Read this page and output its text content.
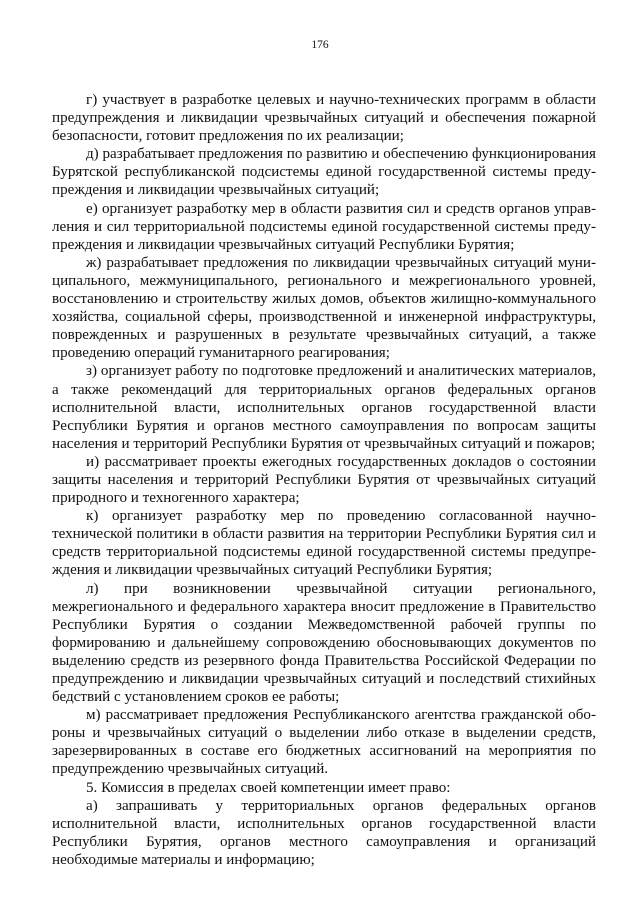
176

г) участвует в разработке целевых и научно-технических программ в области предупреждения и ликвидации чрезвычайных ситуаций и обеспечения пожарной безопасности, готовит предложения по их реализации;

д) разрабатывает предложения по развитию и обеспечению функционирования Бурятской республиканской подсистемы единой государственной системы предупреждения и ликвидации чрезвычайных ситуаций;

е) организует разработку мер в области развития сил и средств органов управления и сил территориальной подсистемы единой государственной системы предупреждения и ликвидации чрезвычайных ситуаций Республики Бурятия;

ж) разрабатывает предложения по ликвидации чрезвычайных ситуаций муниципального, межмуниципального, регионального и межрегионального уровней, восстановлению и строительству жилых домов, объектов жилищно-коммунального хозяйства, социальной сферы, производственной и инженерной инфраструктуры, поврежденных и разрушенных в результате чрезвычайных ситуаций, а также проведению операций гуманитарного реагирования;

з) организует работу по подготовке предложений и аналитических материалов, а также рекомендаций для территориальных органов федеральных органов исполнительной власти, исполнительных органов государственной власти Республики Бурятия и органов местного самоуправления по вопросам защиты населения и территорий Республики Бурятия от чрезвычайных ситуаций и пожаров;

и) рассматривает проекты ежегодных государственных докладов о состоянии защиты населения и территорий Республики Бурятия от чрезвычайных ситуаций природного и техногенного характера;

к) организует разработку мер по проведению согласованной научно-технической политики в области развития на территории Республики Бурятия сил и средств территориальной подсистемы единой государственной системы предупреждения и ликвидации чрезвычайных ситуаций Республики Бурятия;

л) при возникновении чрезвычайной ситуации регионального, межрегионального и федерального характера вносит предложение в Правительство Республики Бурятия о создании Межведомственной рабочей группы по формированию и дальнейшему сопровождению обосновывающих документов по выделению средств из резервного фонда Правительства Российской Федерации по предупреждению и ликвидации чрезвычайных ситуаций и последствий стихийных бедствий с установлением сроков ее работы;

м) рассматривает предложения Республиканского агентства гражданской обороны и чрезвычайных ситуаций о выделении либо отказе в выделении средств, зарезервированных в составе его бюджетных ассигнований на мероприятия по предупреждению чрезвычайных ситуаций.

5. Комиссия в пределах своей компетенции имеет право:

а) запрашивать у территориальных органов федеральных органов исполнительной власти, исполнительных органов государственной власти Республики Бурятия, органов местного самоуправления и организаций необходимые материалы и информацию;
